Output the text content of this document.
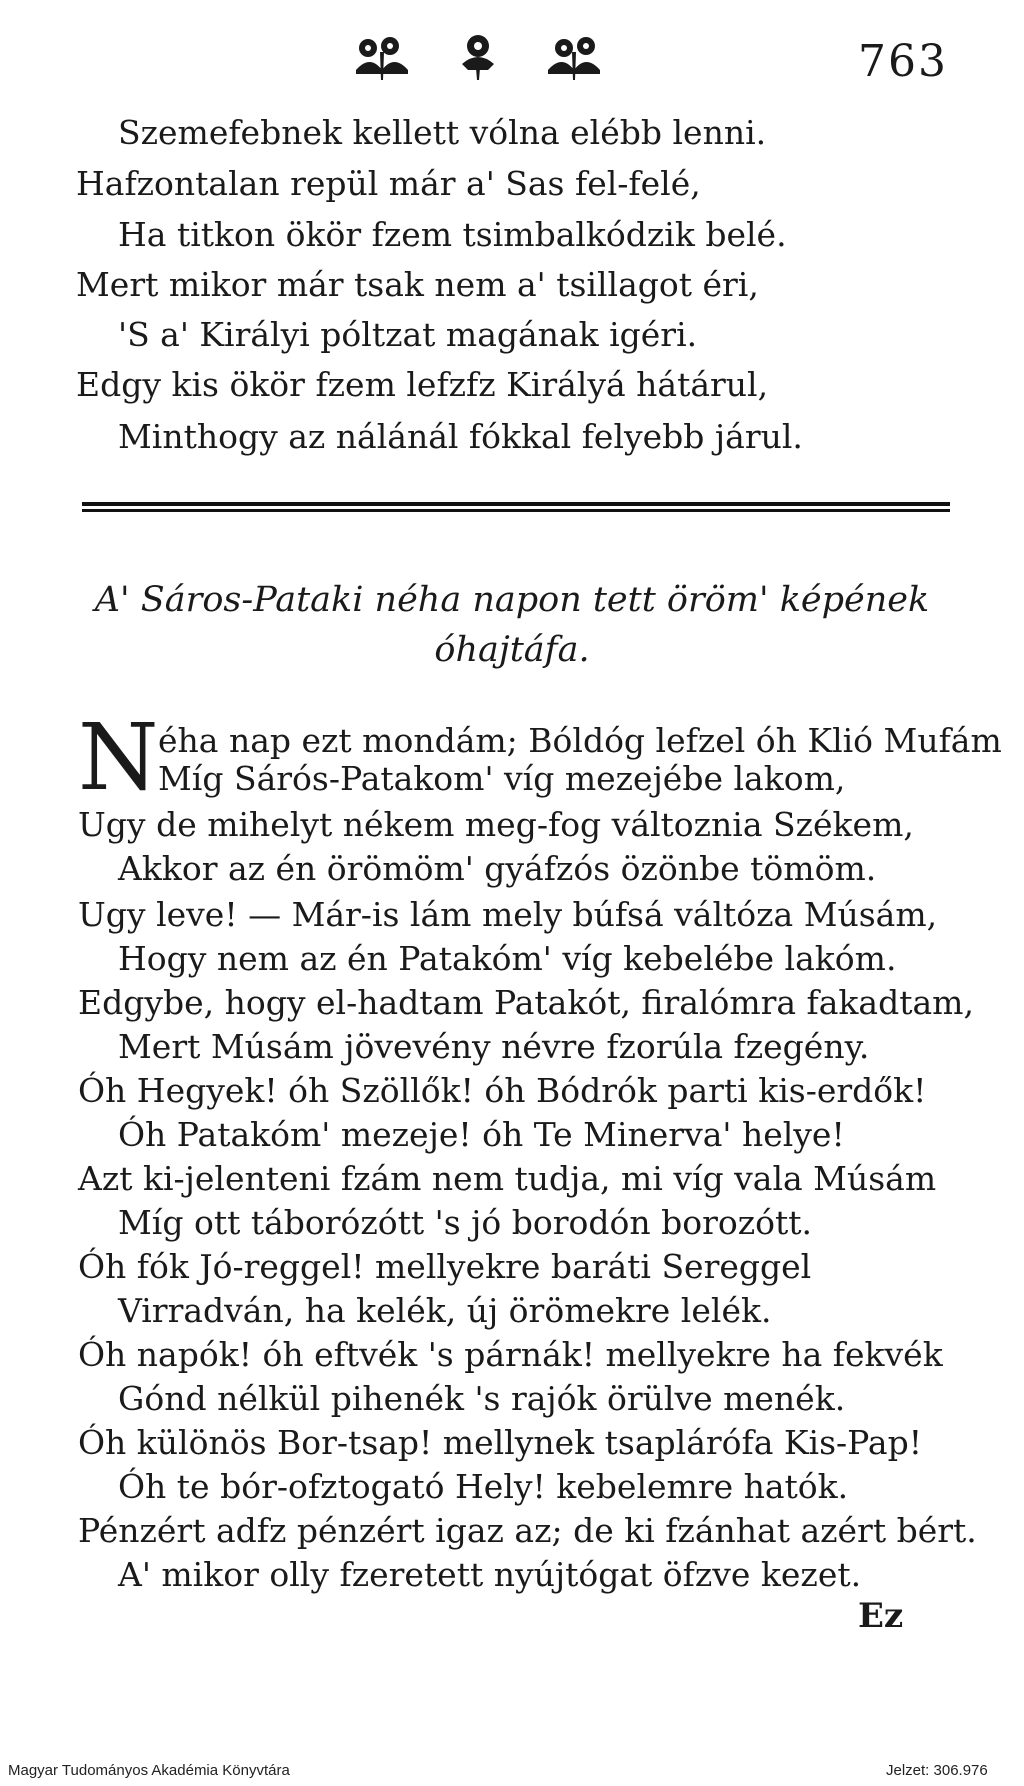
763
Szemefebnek kellett vólna elébb lenni.
Hafzontalan repül már a' Sas fel-felé,
Ha titkon ökör fzem tsimbalkódzik belé.
Mert mikor már tsak nem a' tsillagot éri,
'S a' Királyi póltzat magának igéri.
Edgy kis ökör fzem lefzfz Királyá hátárul,
Minthogy az nálánál fókkal felyebb járul.
A' Sáros-Pataki néha napon tett öröm' képének
óhajtáfa.
N éha nap ezt mondám; Bóldóg lefzel óh Klió Mufám
Míg Sárós-Patakom' víg mezejébe lakom,
Ugy de mihelyt nékem meg-fog változnia Székem,
Akkor az én örömöm' gyáfzós özönbe tömöm.
Ugy leve! — Már-is lám mely búfsá váltóza Músám,
Hogy nem az én Patakóm' víg kebelébe lakóm.
Edgybe, hogy el-hadtam Patakót, firalómra fakadtam,
Mert Músám jövevény névre fzorúla fzegény.
Óh Hegyek! óh Szöllők! óh Bódrók parti kis-erdők!
Óh Patakóm' mezeje! óh Te Minerva' helye!
Azt ki-jelenteni fzám nem tudja, mi víg vala Músám
Míg ott táborózótt 's jó borodón borozótt.
Óh fók Jó-reggel! mellyekre baráti Sereggel
Virradván, ha kelék, új örömekre lelék.
Óh napók! óh eftvék 's párnák! mellyekre ha fekvék
Gónd nélkül pihenék 's rajók örülve menék.
Óh különös Bor-tsap! mellynek tsaplárófa Kis-Pap!
Óh te bór-ofztogató Hely! kebelemre hatók.
Pénzért adfz pénzért igaz az; de ki fzánhat azért bért.
A' mikor olly fzeretett nyújtógat öfzve kezet.
Ez
Magyar Tudományos Akadémia Könyvtára	Jelzet: 306.976
